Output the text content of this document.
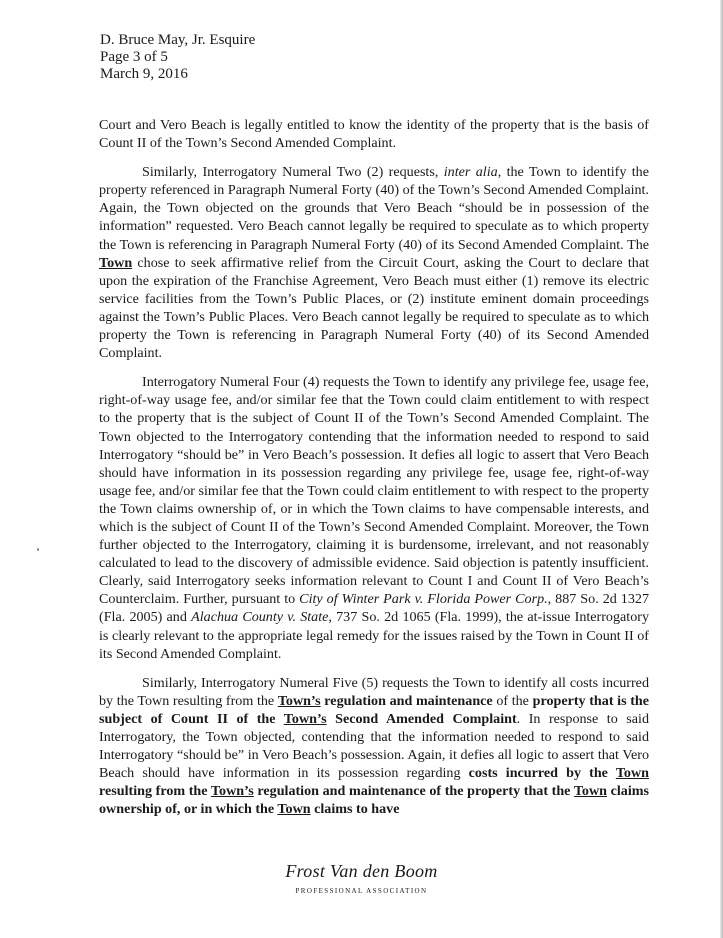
D. Bruce May, Jr. Esquire
Page 3 of 5
March 9, 2016

Court and Vero Beach is legally entitled to know the identity of the property that is the basis of Count II of the Town’s Second Amended Complaint.

Similarly, Interrogatory Numeral Two (2) requests, inter alia, the Town to identify the property referenced in Paragraph Numeral Forty (40) of the Town’s Second Amended Complaint. Again, the Town objected on the grounds that Vero Beach “should be in possession of the information” requested. Vero Beach cannot legally be required to speculate as to which property the Town is referencing in Paragraph Numeral Forty (40) of its Second Amended Complaint. The Town chose to seek affirmative relief from the Circuit Court, asking the Court to declare that upon the expiration of the Franchise Agreement, Vero Beach must either (1) remove its electric service facilities from the Town’s Public Places, or (2) institute eminent domain proceedings against the Town’s Public Places. Vero Beach cannot legally be required to speculate as to which property the Town is referencing in Paragraph Numeral Forty (40) of its Second Amended Complaint.

Interrogatory Numeral Four (4) requests the Town to identify any privilege fee, usage fee, right-of-way usage fee, and/or similar fee that the Town could claim entitlement to with respect to the property that is the subject of Count II of the Town’s Second Amended Complaint. The Town objected to the Interrogatory contending that the information needed to respond to said Interrogatory “should be” in Vero Beach’s possession. It defies all logic to assert that Vero Beach should have information in its possession regarding any privilege fee, usage fee, right-of-way usage fee, and/or similar fee that the Town could claim entitlement to with respect to the property the Town claims ownership of, or in which the Town claims to have compensable interests, and which is the subject of Count II of the Town’s Second Amended Complaint. Moreover, the Town further objected to the Interrogatory, claiming it is burdensome, irrelevant, and not reasonably calculated to lead to the discovery of admissible evidence. Said objection is patently insufficient. Clearly, said Interrogatory seeks information relevant to Count I and Count II of Vero Beach’s Counterclaim. Further, pursuant to City of Winter Park v. Florida Power Corp., 887 So. 2d 1327 (Fla. 2005) and Alachua County v. State, 737 So. 2d 1065 (Fla. 1999), the at-issue Interrogatory is clearly relevant to the appropriate legal remedy for the issues raised by the Town in Count II of its Second Amended Complaint.

Similarly, Interrogatory Numeral Five (5) requests the Town to identify all costs incurred by the Town resulting from the Town’s regulation and maintenance of the property that is the subject of Count II of the Town’s Second Amended Complaint. In response to said Interrogatory, the Town objected, contending that the information needed to respond to said Interrogatory “should be” in Vero Beach’s possession. Again, it defies all logic to assert that Vero Beach should have information in its possession regarding costs incurred by the Town resulting from the Town’s regulation and maintenance of the property that the Town claims ownership of, or in which the Town claims to have

Frost Van den Boom
PROFESSIONAL ASSOCIATION
